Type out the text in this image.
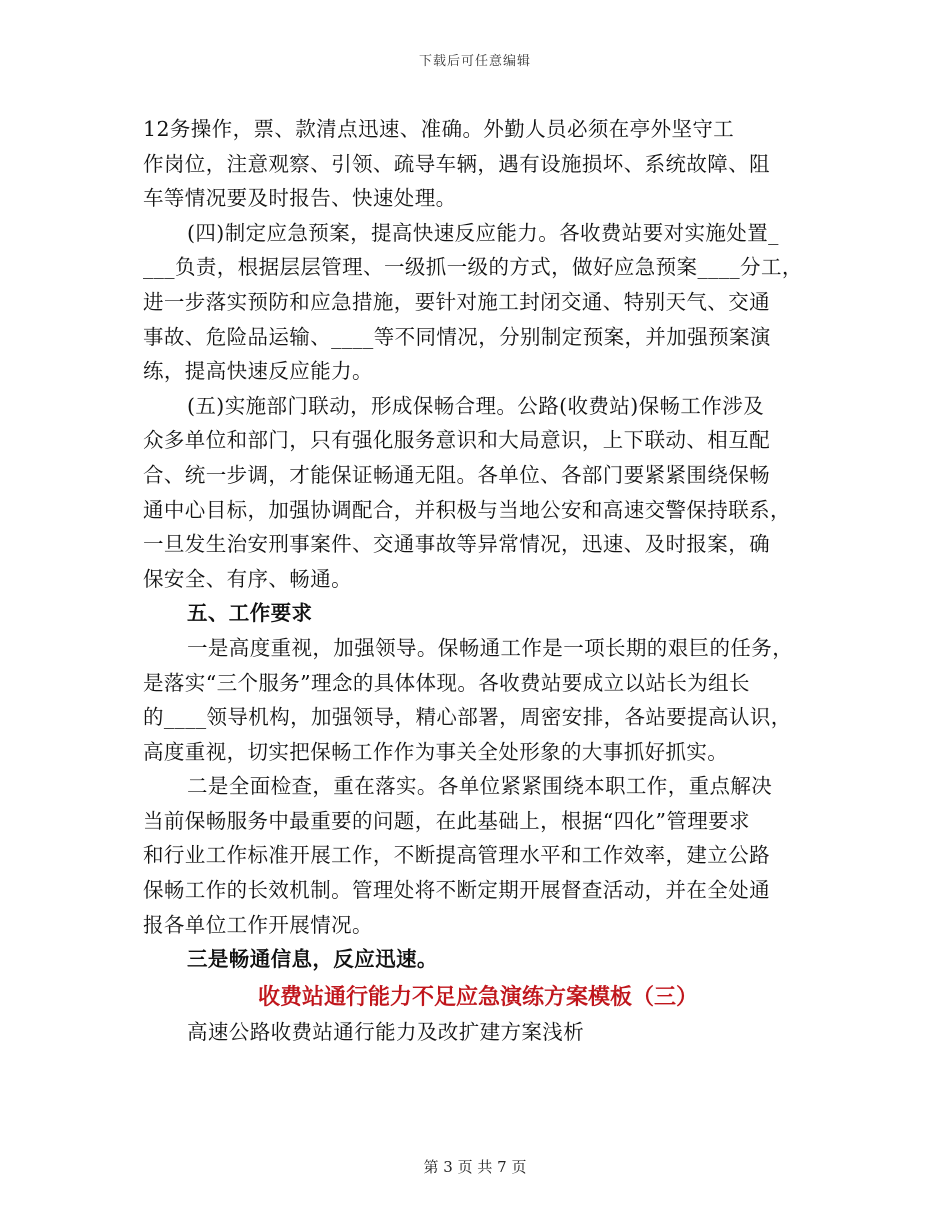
下载后可任意编辑
12务操作，票、款清点迅速、准确。外勤人员必须在亭外坚守工
作岗位，注意观察、引领、疏导车辆，遇有设施损坏、系统故障、阻
车等情况要及时报告、快速处理。
(四)制定应急预案，提高快速反应能力。各收费站要对实施处置_
___负责，根据层层管理、一级抓一级的方式，做好应急预案____分工，
进一步落实预防和应急措施，要针对施工封闭交通、特别天气、交通
事故、危险品运输、____等不同情况，分别制定预案，并加强预案演
练，提高快速反应能力。
(五)实施部门联动，形成保畅合理。公路(收费站)保畅工作涉及
众多单位和部门，只有强化服务意识和大局意识，上下联动、相互配
合、统一步调，才能保证畅通无阻。各单位、各部门要紧紧围绕保畅
通中心目标，加强协调配合，并积极与当地公安和高速交警保持联系，
一旦发生治安刑事案件、交通事故等异常情况，迅速、及时报案，确
保安全、有序、畅通。
五、工作要求
一是高度重视，加强领导。保畅通工作是一项长期的艰巨的任务，
是落实“三个服务”理念的具体体现。各收费站要成立以站长为组长
的____领导机构，加强领导，精心部署，周密安排，各站要提高认识，
高度重视，切实把保畅工作作为事关全处形象的大事抓好抓实。
二是全面检查，重在落实。各单位紧紧围绕本职工作，重点解决
当前保畅服务中最重要的问题，在此基础上，根据“四化”管理要求
和行业工作标准开展工作，不断提高管理水平和工作效率，建立公路
保畅工作的长效机制。管理处将不断定期开展督查活动，并在全处通
报各单位工作开展情况。
三是畅通信息，反应迅速。
收费站通行能力不足应急演练方案模板（三）
高速公路收费站通行能力及改扩建方案浅析
第 3 页 共 7 页
